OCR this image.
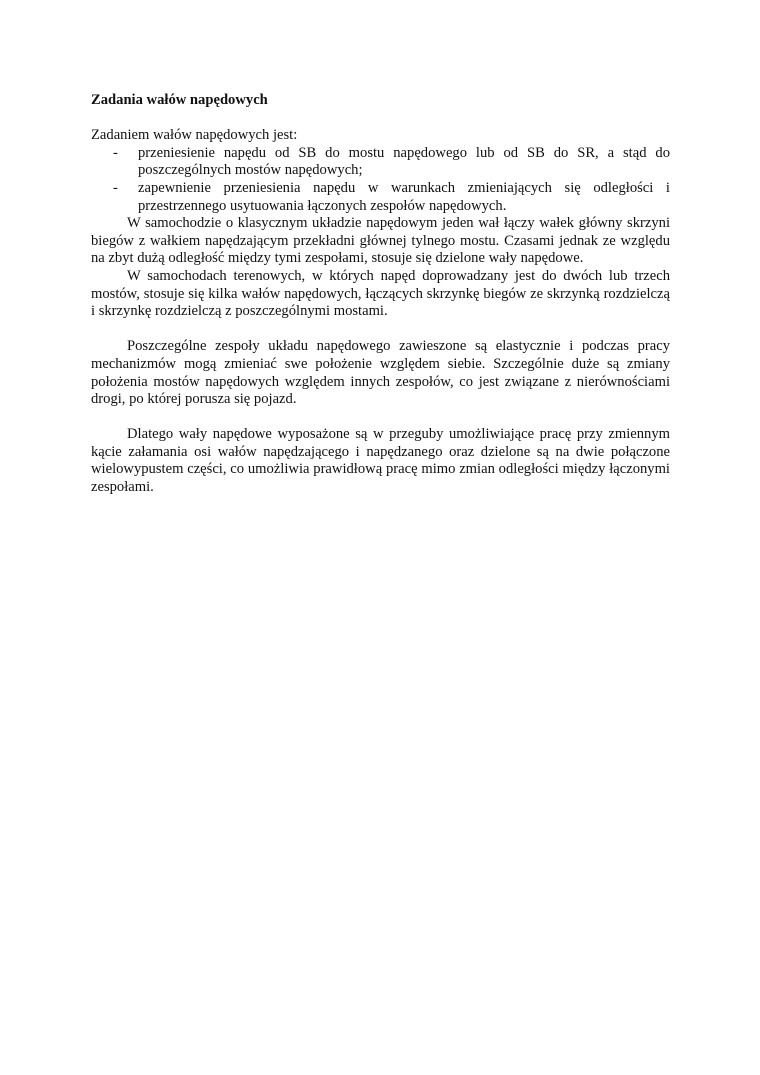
Zadania wałów napędowych

Zadaniem wałów napędowych jest:

- przeniesienie napędu od SB do mostu napędowego lub od SB do SR, a stąd do poszczególnych mostów napędowych;
- zapewnienie przeniesienia napędu w warunkach zmieniających się odległości i przestrzennego usytuowania łączonych zespołów napędowych.

W samochodzie o klasycznym układzie napędowym jeden wał łączy wałek główny skrzyni biegów z wałkiem napędzającym przekładni głównej tylnego mostu. Czasami jednak ze względu na zbyt dużą odległość między tymi zespołami, stosuje się dzielone wały napędowe.

W samochodach terenowych, w których napęd doprowadzany jest do dwóch lub trzech mostów, stosuje się kilka wałów napędowych, łączących skrzynkę biegów ze skrzynką rozdzielczą i skrzynkę rozdzielczą z poszczególnymi mostami.

Poszczególne zespoły układu napędowego zawieszone są elastycznie i podczas pracy mechanizmów mogą zmieniać swe położenie względem siebie. Szczególnie duże są zmiany położenia mostów napędowych względem innych zespołów, co jest związane z nierównościami drogi, po której porusza się pojazd.

Dlatego wały napędowe wyposażone są w przeguby umożliwiające pracę przy zmiennym kącie załamania osi wałów napędzającego i napędzanego oraz dzielone są na dwie połączone wielowypustem części, co umożliwia prawidłową pracę mimo zmian odległości między łączonymi zespołami.
